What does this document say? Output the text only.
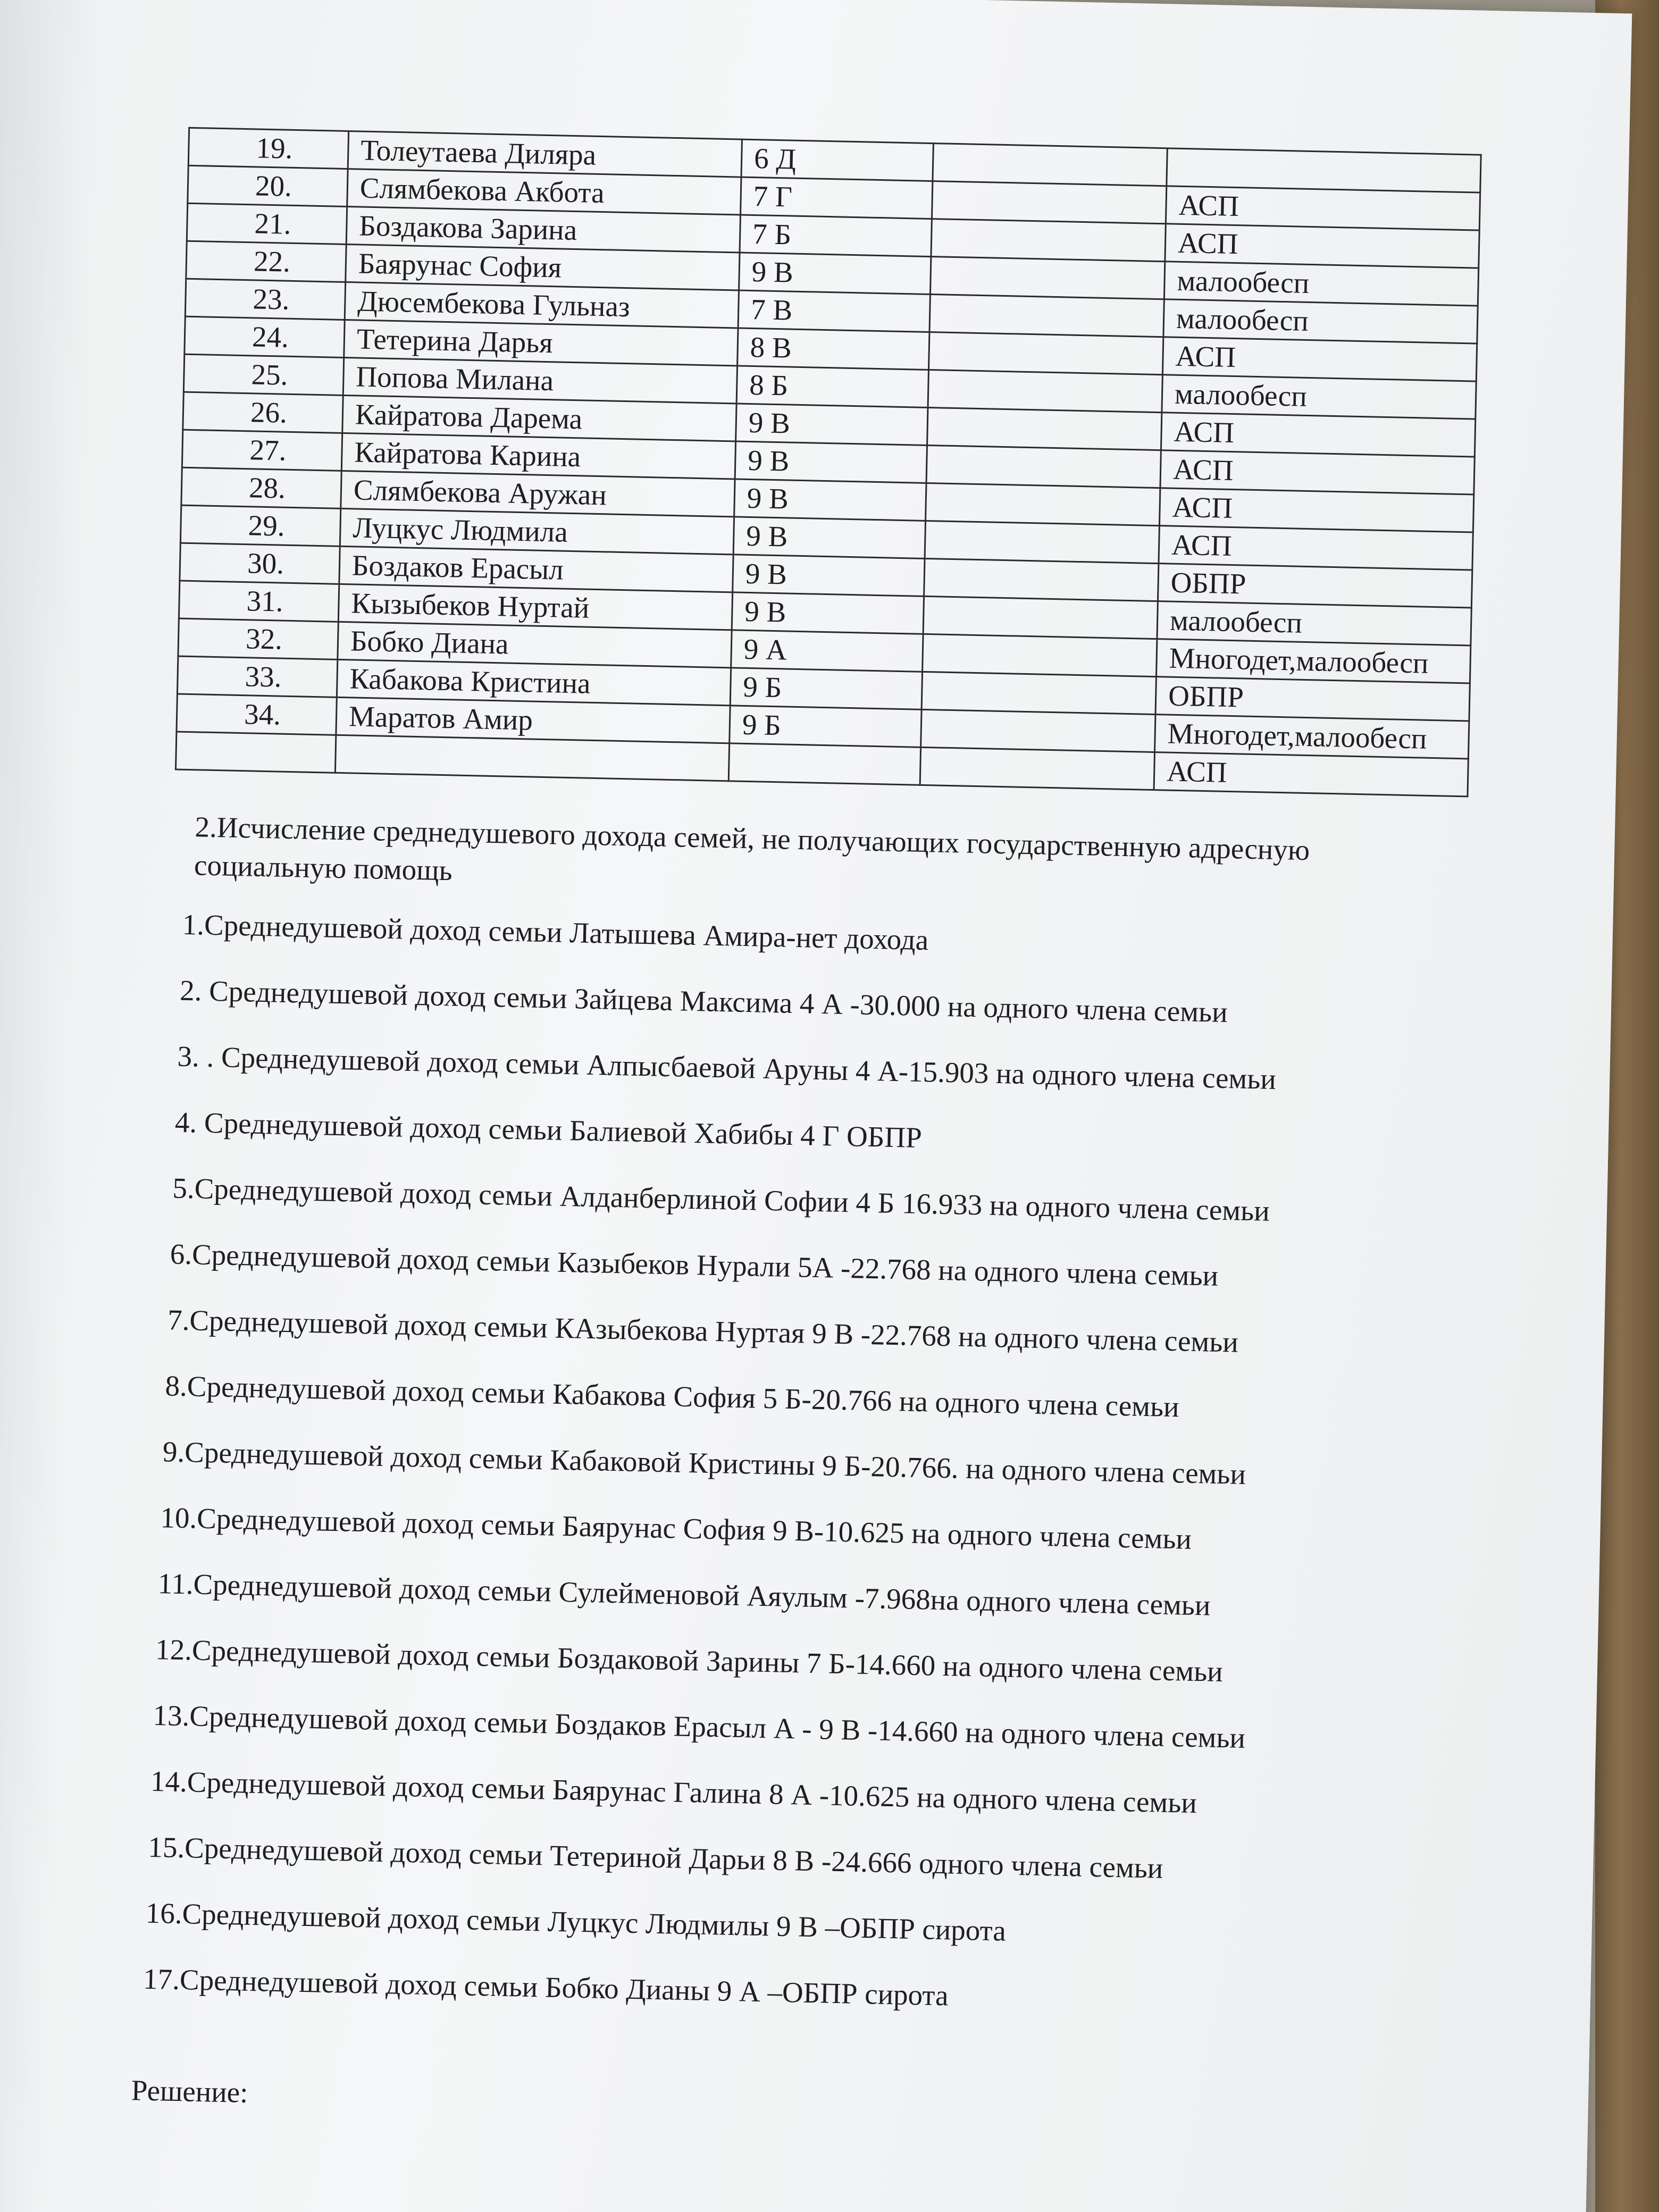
19.	Толеутаева Диляра	6 Д		
20.	Слямбекова Акбота	7 Г		АСП
21.	Боздакова Зарина	7 Б		АСП
22.	Баярунас София	9 В		малообесп
23.	Дюсембекова Гульназ	7 В		малообесп
24.	Тетерина Дарья	8 В		АСП
25.	Попова Милана	8 Б		малообесп
26.	Кайратова Дарема	9 В		АСП
27.	Кайратова Карина	9 В		АСП
28.	Слямбекова Аружан	9 В		АСП
29.	Луцкус Людмила	9 В		АСП
30.	Боздаков Ерасыл	9 В		ОБПР
31.	Кызыбеков Нуртай	9 В		малообесп
32.	Бобко Диана	9 А		Многодет,малообесп
33.	Кабакова Кристина	9 Б		ОБПР
34.	Маратов Амир	9 Б		Многодет,малообесп
				АСП
2.Исчисление среднедушевого дохода семей, не получающих государственную адресную социальную помощь
1.Среднедушевой доход семьи Латышева Амира-нет дохода
2. Среднедушевой доход семьи Зайцева Максима 4 А -30.000 на одного члена семьи
3. . Среднедушевой доход семьи Алпысбаевой Аруны 4 А-15.903 на одного члена семьи
4. Среднедушевой доход семьи Балиевой Хабибы 4 Г ОБПР
5.Среднедушевой доход семьи Алданберлиной Софии 4 Б 16.933 на одного члена семьи
6.Среднедушевой доход семьи Казыбеков Нурали 5А -22.768 на одного члена семьи
7.Среднедушевой доход семьи КАзыбекова Нуртая 9 В -22.768 на одного члена семьи
8.Среднедушевой доход семьи Кабакова София 5 Б-20.766 на одного члена семьи
9.Среднедушевой доход семьи Кабаковой Кристины 9 Б-20.766. на одного члена семьи
10.Среднедушевой доход семьи Баярунас София 9 В-10.625 на одного члена семьи
11.Среднедушевой доход семьи Сулейменовой Аяулым -7.968на одного члена семьи
12.Среднедушевой доход семьи Боздаковой Зарины 7 Б-14.660 на одного члена семьи
13.Среднедушевой доход семьи Боздаков Ерасыл А - 9 В -14.660 на одного члена семьи
14.Среднедушевой доход семьи Баярунас Галина 8 А -10.625 на одного члена семьи
15.Среднедушевой доход семьи Тетериной Дарьи 8 В -24.666 одного члена семьи
16.Среднедушевой доход семьи Луцкус Людмилы 9 В –ОБПР сирота
17.Среднедушевой доход семьи Бобко Дианы 9 А –ОБПР сирота
Решение:
